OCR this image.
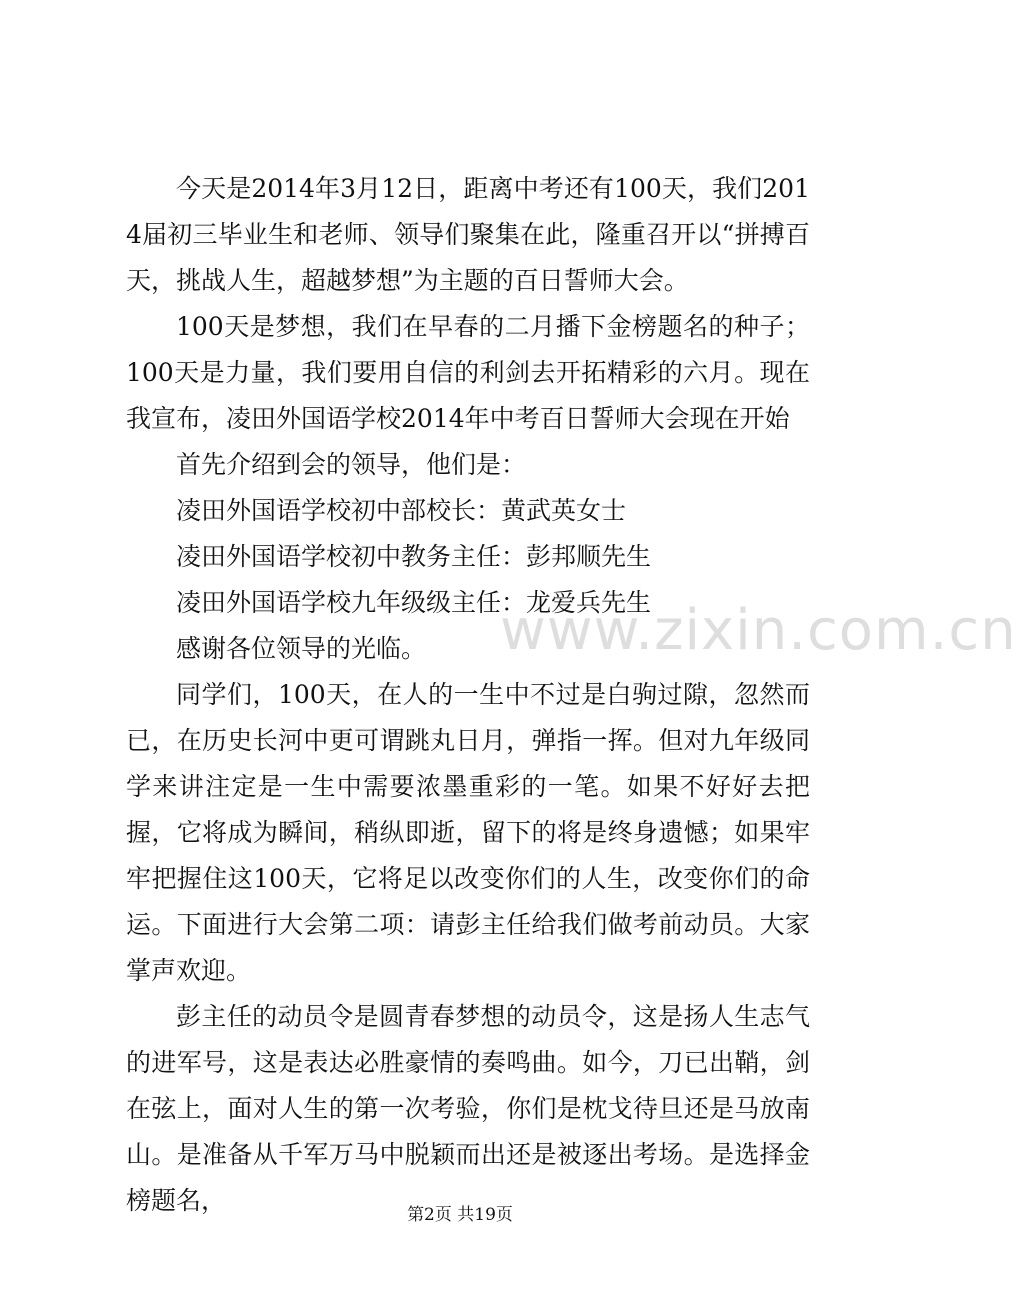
今天是2014年3月12日，距离中考还有100天，我们2014届初三毕业生和老师、领导们聚集在此，隆重召开以“拼搏百天，挑战人生，超越梦想”为主题的百日誓师大会。

100天是梦想，我们在早春的二月播下金榜题名的种子；100天是力量，我们要用自信的利剑去开拓精彩的六月。现在我宣布，凌田外国语学校2014年中考百日誓师大会现在开始

首先介绍到会的领导，他们是：

凌田外国语学校初中部校长：黄武英女士

凌田外国语学校初中教务主任：彭邦顺先生

凌田外国语学校九年级级主任：龙爱兵先生

感谢各位领导的光临。

同学们，100天，在人的一生中不过是白驹过隙，忽然而已，在历史长河中更可谓跳丸日月，弹指一挥。但对九年级同学来讲注定是一生中需要浓墨重彩的一笔。如果不好好去把握，它将成为瞬间，稍纵即逝，留下的将是终身遗憾；如果牢牢把握住这100天，它将足以改变你们的人生，改变你们的命运。下面进行大会第二项：请彭主任给我们做考前动员。大家掌声欢迎。

彭主任的动员令是圆青春梦想的动员令，这是扬人生志气的进军号，这是表达必胜豪情的奏鸣曲。如今，刀已出鞘，剑在弦上，面对人生的第一次考验，你们是枕戈待旦还是马放南山。是准备从千军万马中脱颖而出还是被逐出考场。是选择金榜题名，

www.zixin.com.cn
第2页 共19页
